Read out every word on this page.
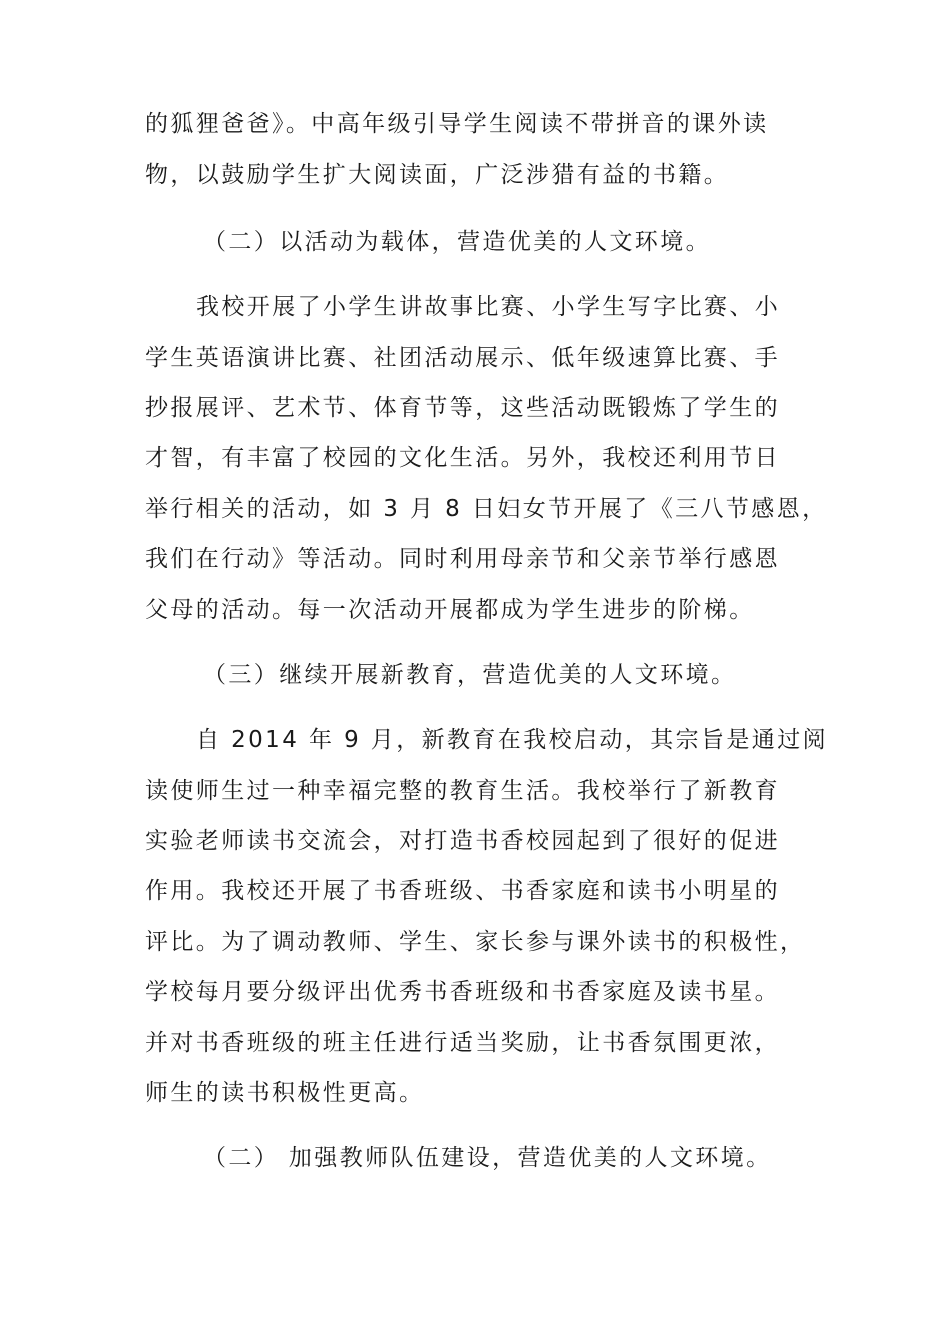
的狐狸爸爸》。中高年级引导学生阅读不带拼音的课外读
物，以鼓励学生扩大阅读面，广泛涉猎有益的书籍。
（二）以活动为载体，营造优美的人文环境。
我校开展了小学生讲故事比赛、小学生写字比赛、小
学生英语演讲比赛、社团活动展示、低年级速算比赛、手
抄报展评、艺术节、体育节等，这些活动既锻炼了学生的
才智，有丰富了校园的文化生活。另外，我校还利用节日
举行相关的活动，如 3 月 8 日妇女节开展了《三八节感恩，
我们在行动》等活动。同时利用母亲节和父亲节举行感恩
父母的活动。每一次活动开展都成为学生进步的阶梯。
（三）继续开展新教育，营造优美的人文环境。
自 2014 年 9 月，新教育在我校启动，其宗旨是通过阅
读使师生过一种幸福完整的教育生活。我校举行了新教育
实验老师读书交流会，对打造书香校园起到了很好的促进
作用。我校还开展了书香班级、书香家庭和读书小明星的
评比。为了调动教师、学生、家长参与课外读书的积极性，
学校每月要分级评出优秀书香班级和书香家庭及读书星。
并对书香班级的班主任进行适当奖励，让书香氛围更浓，
师生的读书积极性更高。
（二） 加强教师队伍建设，营造优美的人文环境。
